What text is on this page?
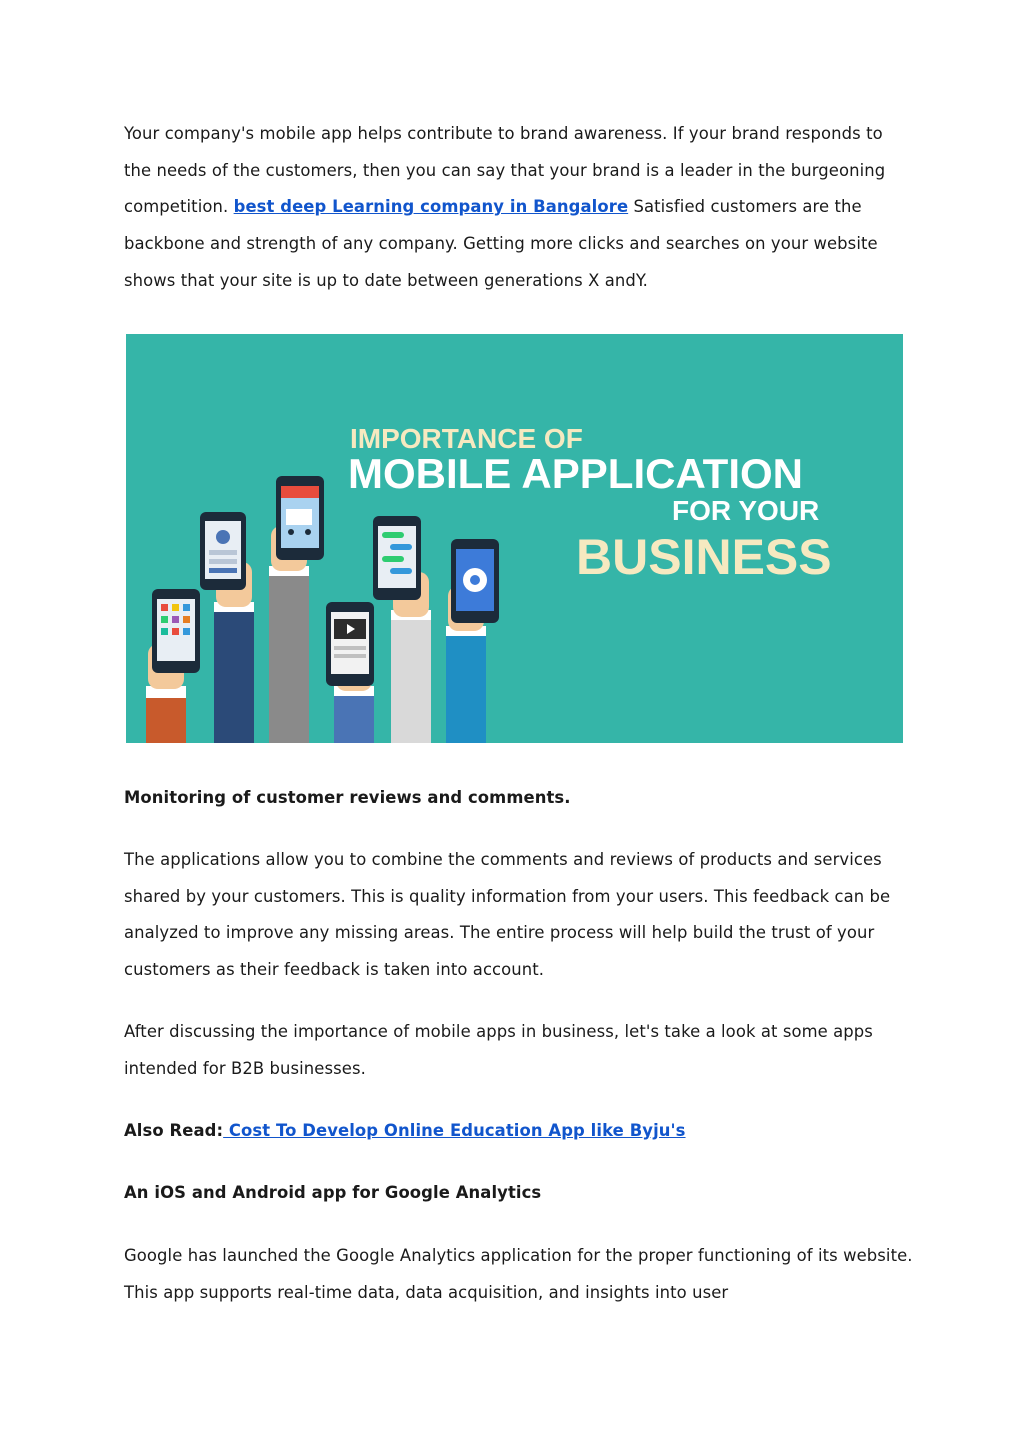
Your company's mobile app helps contribute to brand awareness. If your brand responds to the needs of the customers, then you can say that your brand is a leader in the burgeoning competition. best deep Learning company in Bangalore Satisfied customers are the backbone and strength of any company. Getting more clicks and searches on your website shows that your site is up to date between generations X andY.

IMPORTANCE OF
MOBILE APPLICATION
FOR YOUR
BUSINESS

Monitoring of customer reviews and comments.

The applications allow you to combine the comments and reviews of products and services shared by your customers. This is quality information from your users. This feedback can be analyzed to improve any missing areas. The entire process will help build the trust of your customers as their feedback is taken into account.

After discussing the importance of mobile apps in business, let's take a look at some apps intended for B2B businesses.

Also Read: Cost To Develop Online Education App like Byju's

An iOS and Android app for Google Analytics

Google has launched the Google Analytics application for the proper functioning of its website. This app supports real-time data, data acquisition, and insights into user
